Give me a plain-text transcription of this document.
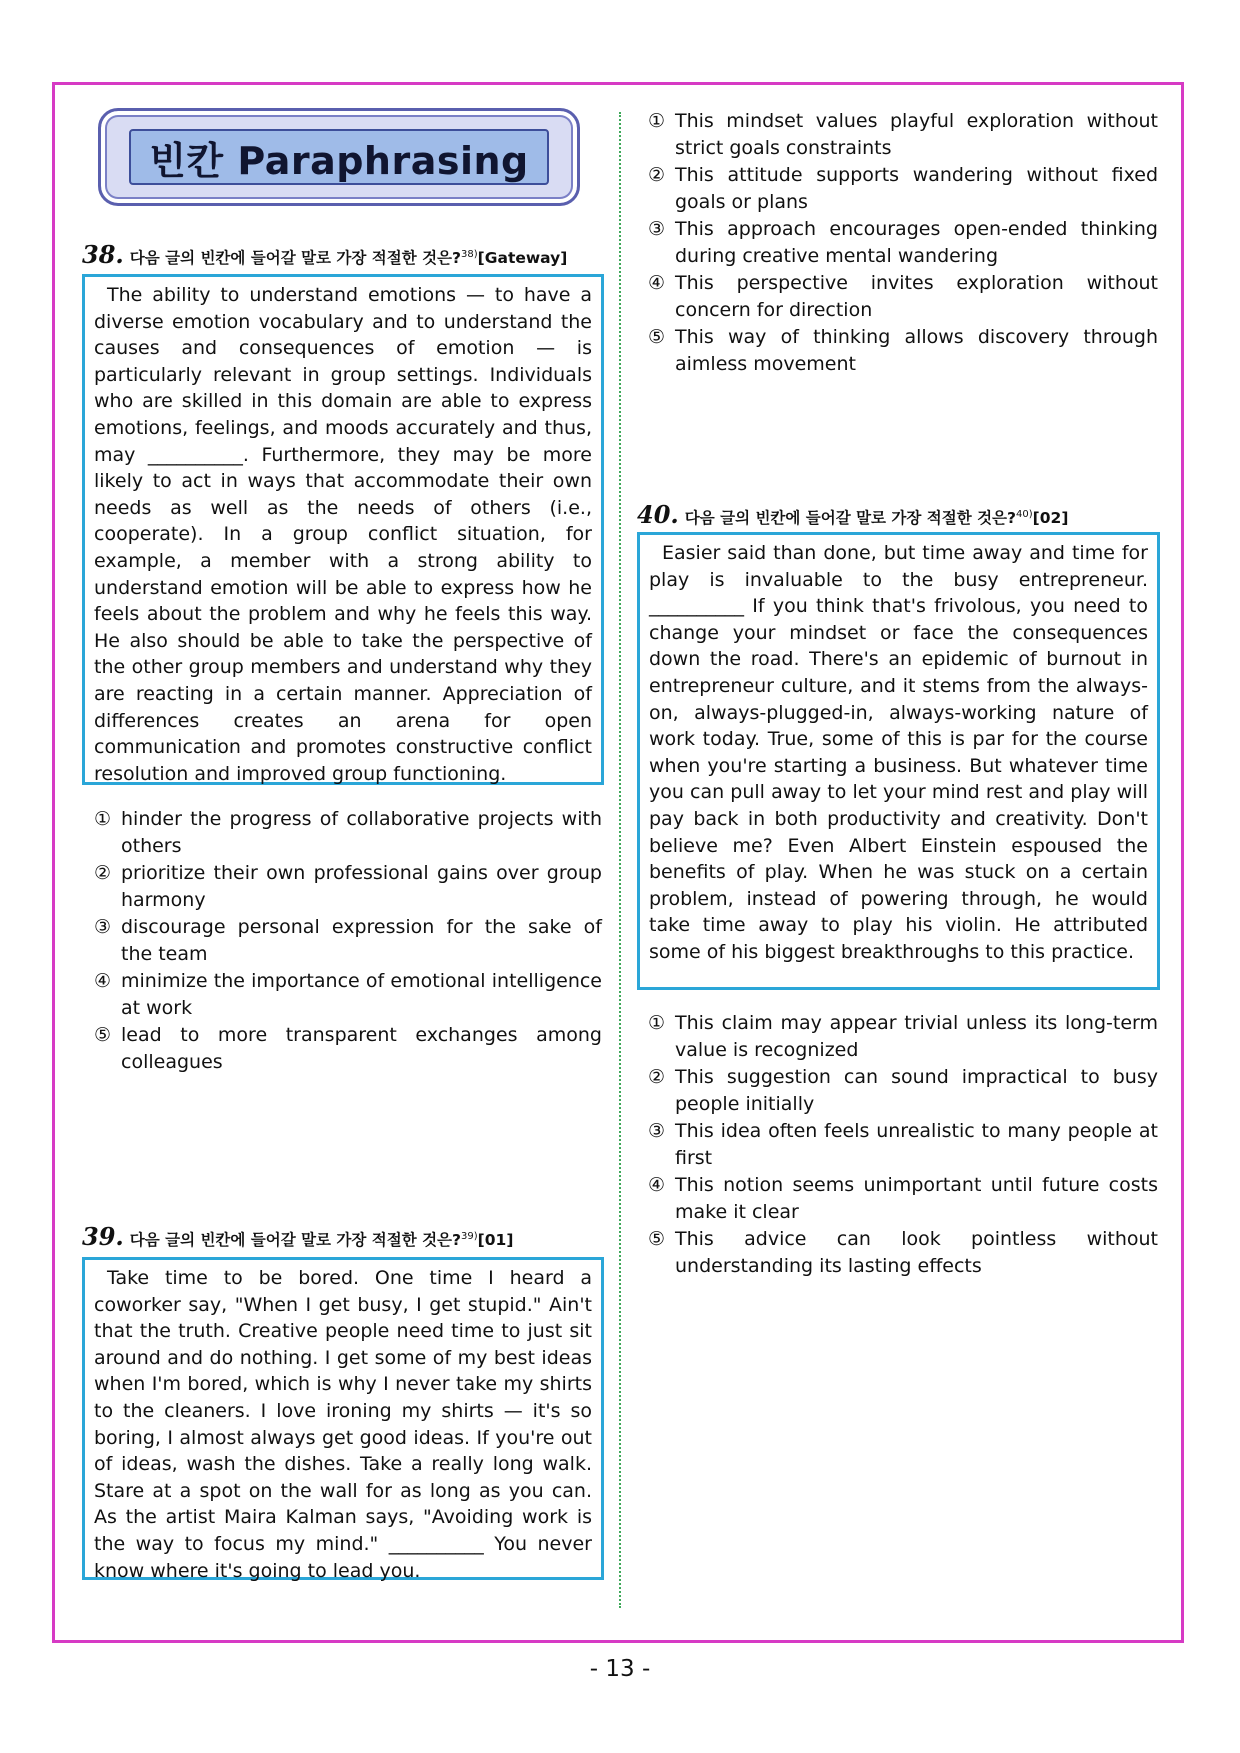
빈칸 Paraphrasing
38. 다음 글의 빈칸에 들어갈 말로 가장 적절한 것은?$^{38)}$[Gateway]

The ability to understand emotions — to have a diverse emotion vocabulary and to understand the causes and consequences of emotion — is particularly relevant in group settings. Individuals who are skilled in this domain are able to express emotions, feelings, and moods accurately and thus, may __________. Furthermore, they may be more likely to act in ways that accommodate their own needs as well as the needs of others (i.e., cooperate). In a group conflict situation, for example, a member with a strong ability to understand emotion will be able to express how he feels about the problem and why he feels this way. He also should be able to take the perspective of the other group members and understand why they are reacting in a certain manner. Appreciation of differences creates an arena for open communication and promotes constructive conflict resolution and improved group functioning.

① hinder the progress of collaborative projects with others
② prioritize their own professional gains over group harmony
③ discourage personal expression for the sake of the team
④ minimize the importance of emotional intelligence at work
⑤ lead to more transparent exchanges among colleagues
39. 다음 글의 빈칸에 들어갈 말로 가장 적절한 것은?$^{39)}$[01]

Take time to be bored. One time I heard a coworker say, "When I get busy, I get stupid." Ain't that the truth. Creative people need time to just sit around and do nothing. I get some of my best ideas when I'm bored, which is why I never take my shirts to the cleaners. I love ironing my shirts — it's so boring, I almost always get good ideas. If you're out of ideas, wash the dishes. Take a really long walk. Stare at a spot on the wall for as long as you can. As the artist Maira Kalman says, "Avoiding work is the way to focus my mind." __________ You never know where it's going to lead you.

① This mindset values playful exploration without strict goals constraints
② This attitude supports wandering without fixed goals or plans
③ This approach encourages open-ended thinking during creative mental wandering
④ This perspective invites exploration without concern for direction
⑤ This way of thinking allows discovery through aimless movement
40. 다음 글의 빈칸에 들어갈 말로 가장 적절한 것은?$^{40)}$[02]

Easier said than done, but time away and time for play is invaluable to the busy entrepreneur. __________ If you think that's frivolous, you need to change your mindset or face the consequences down the road. There's an epidemic of burnout in entrepreneur culture, and it stems from the always-on, always-plugged-in, always-working nature of work today. True, some of this is par for the course when you're starting a business. But whatever time you can pull away to let your mind rest and play will pay back in both productivity and creativity. Don't believe me? Even Albert Einstein espoused the benefits of play. When he was stuck on a certain problem, instead of powering through, he would take time away to play his violin. He attributed some of his biggest breakthroughs to this practice.

① This claim may appear trivial unless its long-term value is recognized
② This suggestion can sound impractical to busy people initially
③ This idea often feels unrealistic to many people at first
④ This notion seems unimportant until future costs make it clear
⑤ This advice can look pointless without understanding its lasting effects
- 13 -
